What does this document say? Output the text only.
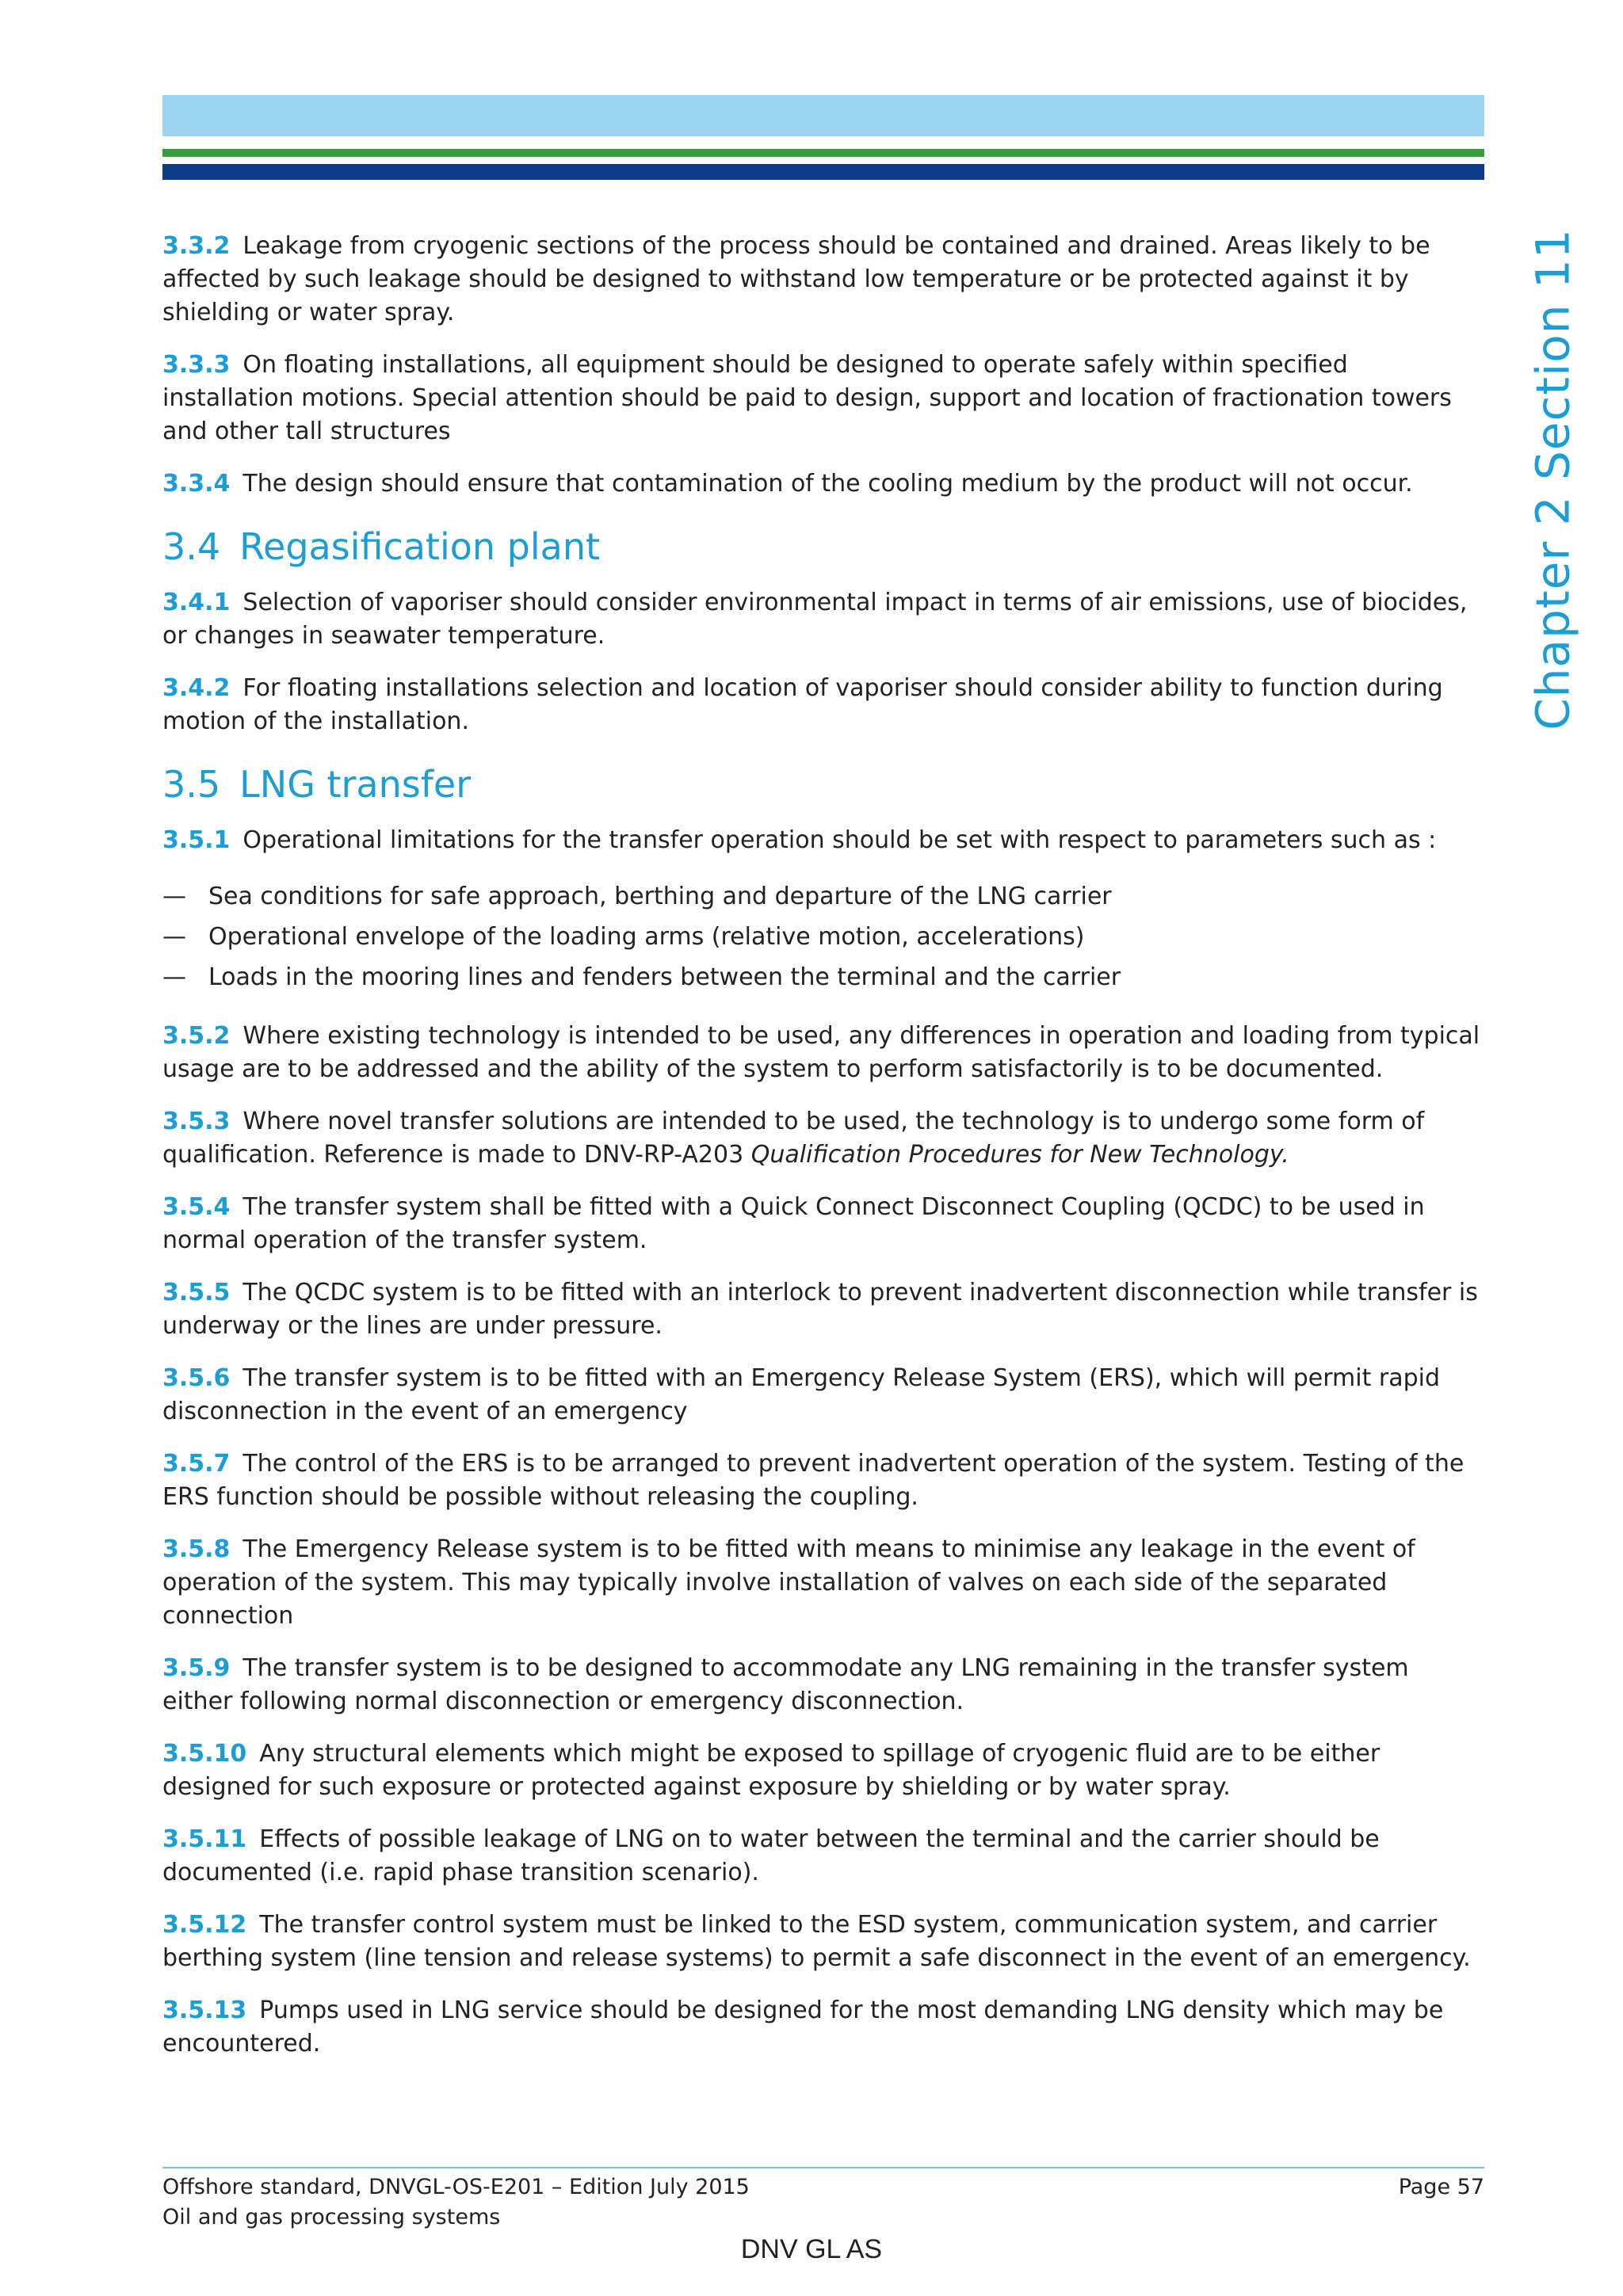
Chapter 2 Section 11

3.3.2 Leakage from cryogenic sections of the process should be contained and drained. Areas likely to be affected by such leakage should be designed to withstand low temperature or be protected against it by shielding or water spray.

3.3.3 On floating installations, all equipment should be designed to operate safely within specified installation motions. Special attention should be paid to design, support and location of fractionation towers and other tall structures

3.3.4 The design should ensure that contamination of the cooling medium by the product will not occur.

3.4 Regasification plant

3.4.1 Selection of vaporiser should consider environmental impact in terms of air emissions, use of biocides, or changes in seawater temperature.

3.4.2 For floating installations selection and location of vaporiser should consider ability to function during motion of the installation.

3.5 LNG transfer

3.5.1 Operational limitations for the transfer operation should be set with respect to parameters such as :

— Sea conditions for safe approach, berthing and departure of the LNG carrier
— Operational envelope of the loading arms (relative motion, accelerations)
— Loads in the mooring lines and fenders between the terminal and the carrier

3.5.2 Where existing technology is intended to be used, any differences in operation and loading from typical usage are to be addressed and the ability of the system to perform satisfactorily is to be documented.

3.5.3 Where novel transfer solutions are intended to be used, the technology is to undergo some form of qualification. Reference is made to DNV-RP-A203 Qualification Procedures for New Technology.

3.5.4 The transfer system shall be fitted with a Quick Connect Disconnect Coupling (QCDC) to be used in normal operation of the transfer system.

3.5.5 The QCDC system is to be fitted with an interlock to prevent inadvertent disconnection while transfer is underway or the lines are under pressure.

3.5.6 The transfer system is to be fitted with an Emergency Release System (ERS), which will permit rapid disconnection in the event of an emergency

3.5.7 The control of the ERS is to be arranged to prevent inadvertent operation of the system. Testing of the ERS function should be possible without releasing the coupling.

3.5.8 The Emergency Release system is to be fitted with means to minimise any leakage in the event of operation of the system. This may typically involve installation of valves on each side of the separated connection

3.5.9 The transfer system is to be designed to accommodate any LNG remaining in the transfer system either following normal disconnection or emergency disconnection.

3.5.10 Any structural elements which might be exposed to spillage of cryogenic fluid are to be either designed for such exposure or protected against exposure by shielding or by water spray.

3.5.11 Effects of possible leakage of LNG on to water between the terminal and the carrier should be documented (i.e. rapid phase transition scenario).

3.5.12 The transfer control system must be linked to the ESD system, communication system, and carrier berthing system (line tension and release systems) to permit a safe disconnect in the event of an emergency.

3.5.13 Pumps used in LNG service should be designed for the most demanding LNG density which may be encountered.

Offshore standard, DNVGL-OS-E201 – Edition July 2015
Oil and gas processing systems
Page 57
DNV GL AS
